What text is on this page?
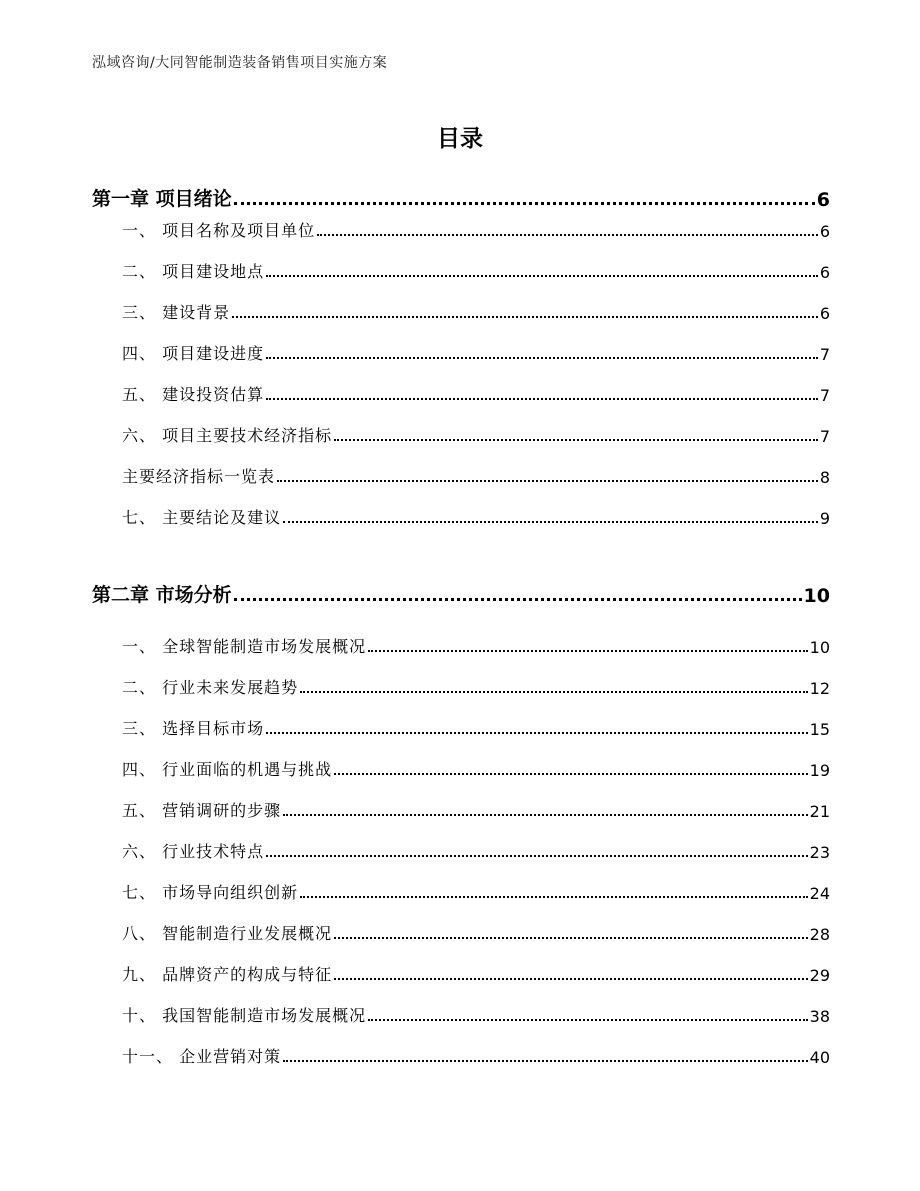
泓域咨询/大同智能制造装备销售项目实施方案
目录
第一章 项目绪论	6
一、 项目名称及项目单位	6
二、 项目建设地点	6
三、 建设背景	6
四、 项目建设进度	7
五、 建设投资估算	7
六、 项目主要技术经济指标	7
主要经济指标一览表	8
七、 主要结论及建议	9
第二章 市场分析	10
一、 全球智能制造市场发展概况	10
二、 行业未来发展趋势	12
三、 选择目标市场	15
四、 行业面临的机遇与挑战	19
五、 营销调研的步骤	21
六、 行业技术特点	23
七、 市场导向组织创新	24
八、 智能制造行业发展概况	28
九、 品牌资产的构成与特征	29
十、 我国智能制造市场发展概况	38
十一、 企业营销对策	40
